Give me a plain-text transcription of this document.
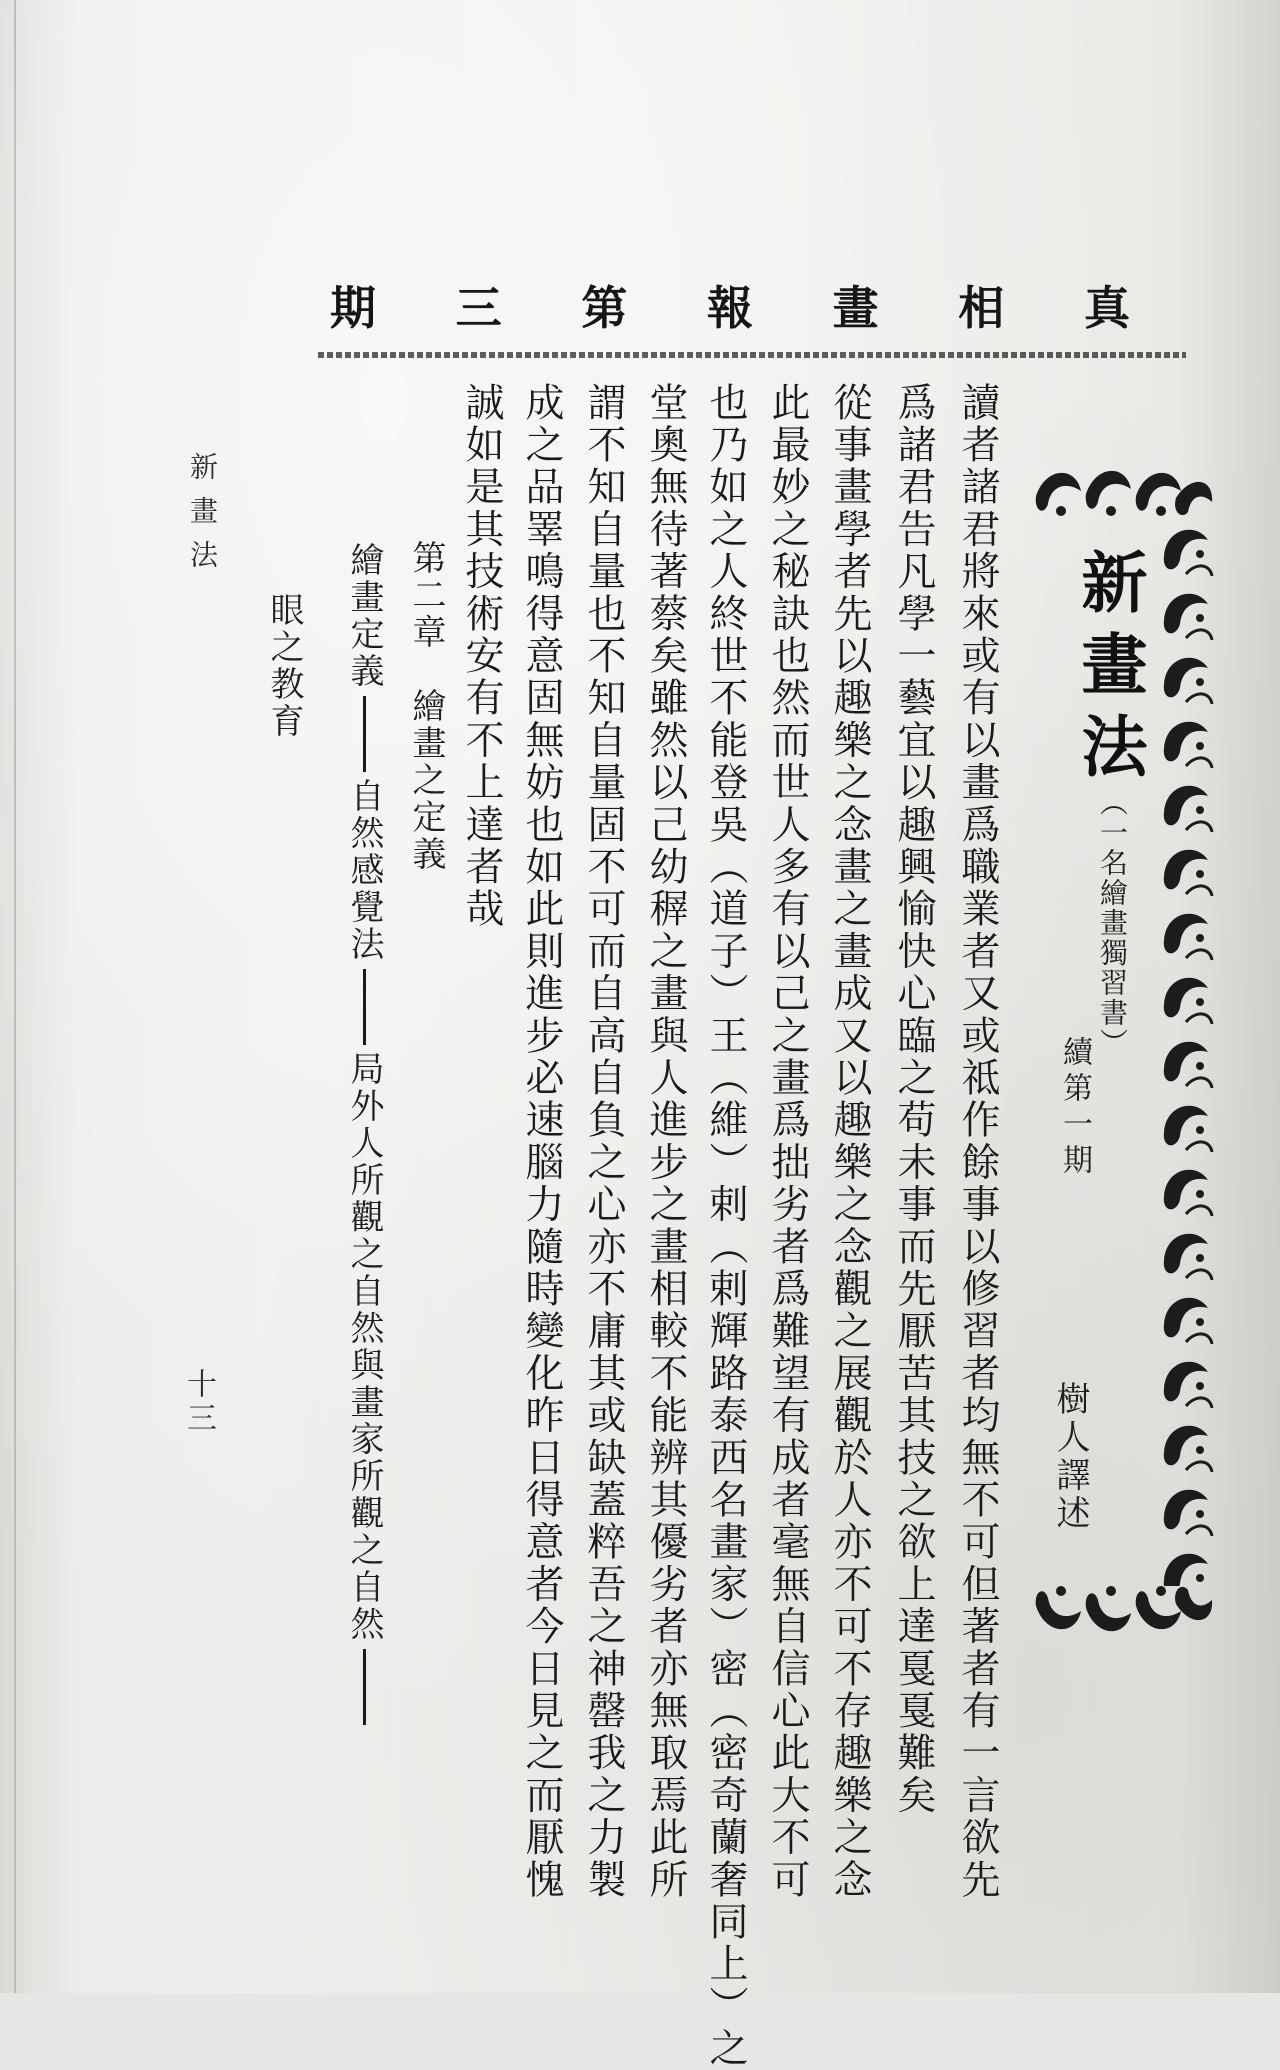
真
相
畫
報
第
三
期
新畫法
（一名繪畫獨習書）
續第一期
樹人譯述
讀者諸君將來或有以畫爲職業者又或祗作餘事以修習者均無不可但著者有一言欲先
爲諸君告凡學一藝宜以趣興愉快心臨之苟未事而先厭苦其技之欲上達戛戛難矣
從事畫學者先以趣樂之念畫之畫成又以趣樂之念觀之展觀於人亦不可不存趣樂之念
此最妙之秘訣也然而世人多有以己之畫爲拙劣者爲難望有成者毫無自信心此大不可
也乃如之人終世不能登吳（道子）王（維）剌（剌輝路泰西名畫家）密（密奇蘭奢同上）之
堂奧無待著蔡矣雖然以己幼稺之畫與人進步之畫相較不能辨其優劣者亦無取焉此所
謂不知自量也不知自量固不可而自高自負之心亦不庸其或缺蓋粹吾之神罄我之力製
成之品睪鳴得意固無妨也如此則進步必速腦力隨時變化昨日得意者今日見之而厭愧
誠如是其技術安有不上達者哉
第二章　繪畫之定義
繪畫定義自然感覺法局外人所觀之自然與畫家所觀之自然
眼之教育
新畫法
十三
